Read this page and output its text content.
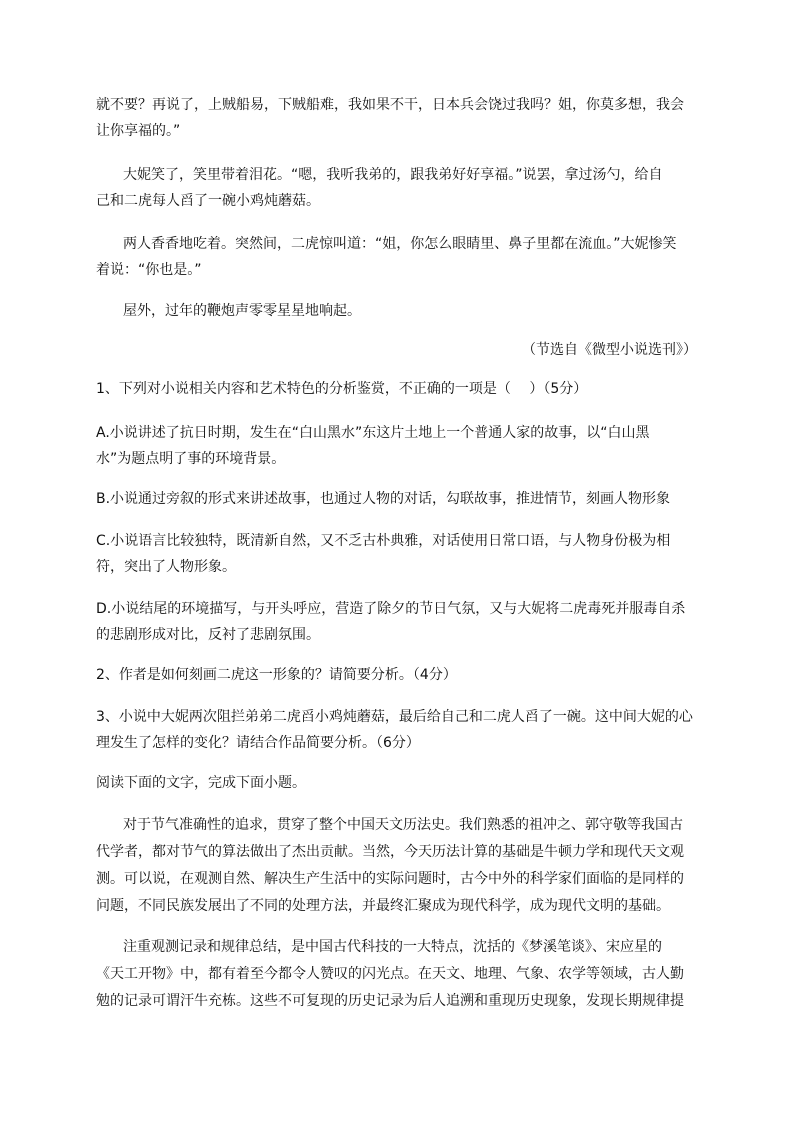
就不要？再说了，上贼船易，下贼船难，我如果不干，日本兵会饶过我吗？姐，你莫多想，我会
让你享福的。”
大妮笑了，笑里带着泪花。“嗯，我听我弟的，跟我弟好好享福。”说罢，拿过汤勺，给自
己和二虎每人舀了一碗小鸡炖蘑菇。
两人香香地吃着。突然间，二虎惊叫道：“姐，你怎么眼睛里、鼻子里都在流血。”大妮惨笑
着说：“你也是。”
屋外，过年的鞭炮声零零星星地响起。
（节选自《微型小说选刊》）
1、下列对小说相关内容和艺术特色的分析鉴赏，不正确的一项是（　 ）（5分）
A.小说讲述了抗日时期，发生在“白山黑水”东这片土地上一个普通人家的故事，以“白山黑
水”为题点明了事的环境背景。
B.小说通过旁叙的形式来讲述故事，也通过人物的对话，勾联故事，推进情节，刻画人物形象
C.小说语言比较独特，既清新自然，又不乏古朴典雅，对话使用日常口语，与人物身份极为相
符，突出了人物形象。
D.小说结尾的环境描写，与开头呼应，营造了除夕的节日气氛，又与大妮将二虎毒死并服毒自杀
的悲剧形成对比，反衬了悲剧氛围。
2、作者是如何刻画二虎这一形象的？请简要分析。（4分）
3、小说中大妮两次阻拦弟弟二虎舀小鸡炖蘑菇，最后给自己和二虎人舀了一碗。这中间大妮的心
理发生了怎样的变化？请结合作品简要分析。（6分）
阅读下面的文字，完成下面小题。
对于节气准确性的追求，贯穿了整个中国天文历法史。我们熟悉的祖冲之、郭守敬等我国古
代学者，都对节气的算法做出了杰出贡献。当然，今天历法计算的基础是牛顿力学和现代天文观
测。可以说，在观测自然、解决生产生活中的实际问题时，古今中外的科学家们面临的是同样的
问题，不同民族发展出了不同的处理方法，并最终汇聚成为现代科学，成为现代文明的基础。
注重观测记录和规律总结，是中国古代科技的一大特点，沈括的《梦溪笔谈》、宋应星的
《天工开物》中，都有着至今都令人赞叹的闪光点。在天文、地理、气象、农学等领域，古人勤
勉的记录可谓汗牛充栋。这些不可复现的历史记录为后人追溯和重现历史现象，发现长期规律提
